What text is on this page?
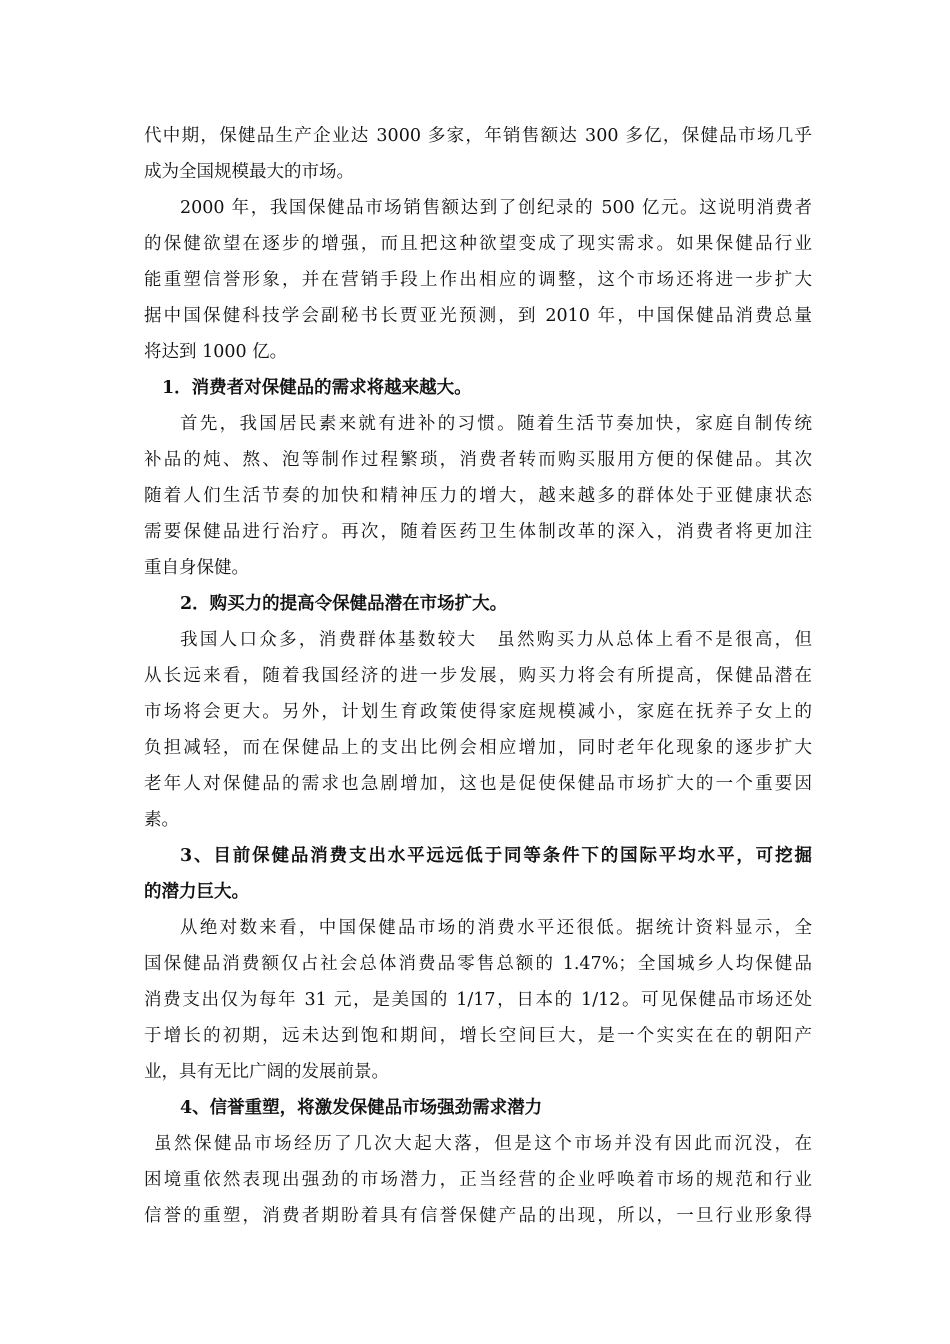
代中期，保健品生产企业达 3000 多家，年销售额达 300 多亿，保健品市场几乎
成为全国规模最大的市场。
2000 年，我国保健品市场销售额达到了创纪录的 500 亿元。这说明消费者
的保健欲望在逐步的增强，而且把这种欲望变成了现实需求。如果保健品行业
能重塑信誉形象，并在营销手段上作出相应的调整，这个市场还将进一步扩大
据中国保健科技学会副秘书长贾亚光预测，到 2010 年，中国保健品消费总量
将达到 1000 亿。
1．消费者对保健品的需求将越来越大。
首先，我国居民素来就有进补的习惯。随着生活节奏加快，家庭自制传统
补品的炖、熬、泡等制作过程繁琐，消费者转而购买服用方便的保健品。其次
随着人们生活节奏的加快和精神压力的增大，越来越多的群体处于亚健康状态
需要保健品进行治疗。再次，随着医药卫生体制改革的深入，消费者将更加注
重自身保健。
2．购买力的提高令保健品潜在市场扩大。
我国人口众多，消费群体基数较大　虽然购买力从总体上看不是很高，但
从长远来看，随着我国经济的进一步发展，购买力将会有所提高，保健品潜在
市场将会更大。另外，计划生育政策使得家庭规模减小，家庭在抚养子女上的
负担减轻，而在保健品上的支出比例会相应增加，同时老年化现象的逐步扩大
老年人对保健品的需求也急剧增加，这也是促使保健品市场扩大的一个重要因
素。
3、目前保健品消费支出水平远远低于同等条件下的国际平均水平，可挖掘
的潜力巨大。
从绝对数来看，中国保健品市场的消费水平还很低。据统计资料显示，全
国保健品消费额仅占社会总体消费品零售总额的 1.47%；全国城乡人均保健品
消费支出仅为每年 31 元，是美国的 1/17，日本的 1/12。可见保健品市场还处
于增长的初期，远未达到饱和期间，增长空间巨大，是一个实实在在的朝阳产
业，具有无比广阔的发展前景。
4、信誉重塑，将激发保健品市场强劲需求潜力
虽然保健品市场经历了几次大起大落，但是这个市场并没有因此而沉没，在
困境重依然表现出强劲的市场潜力，正当经营的企业呼唤着市场的规范和行业
信誉的重塑，消费者期盼着具有信誉保健产品的出现，所以，一旦行业形象得
